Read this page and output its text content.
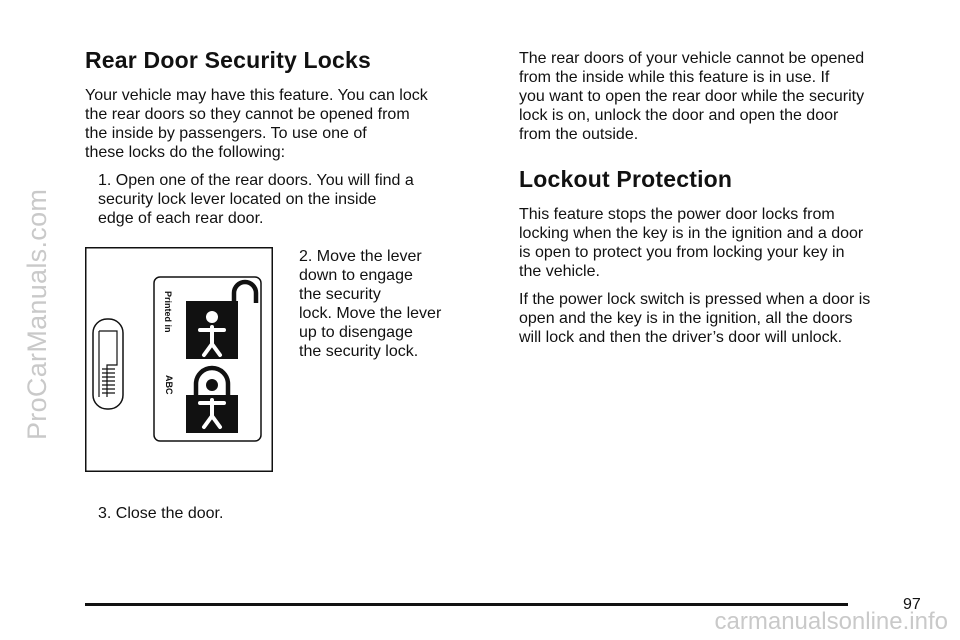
ProCarManuals.com
carmanualsonline.info
Rear Door Security Locks

Your vehicle may have this feature. You can lock
the rear doors so they cannot be opened from
the inside by passengers. To use one of
these locks do the following:

1. Open one of the rear doors. You will find a
security lock lever located on the inside
edge of each rear door.

Printed in
ABC

2. Move the lever
down to engage
the security
lock. Move the lever
up to disengage
the security lock.

3. Close the door.

The rear doors of your vehicle cannot be opened
from the inside while this feature is in use. If
you want to open the rear door while the security
lock is on, unlock the door and open the door
from the outside.

Lockout Protection

This feature stops the power door locks from
locking when the key is in the ignition and a door
is open to protect you from locking your key in
the vehicle.

If the power lock switch is pressed when a door is
open and the key is in the ignition, all the doors
will lock and then the driver’s door will unlock.

97
